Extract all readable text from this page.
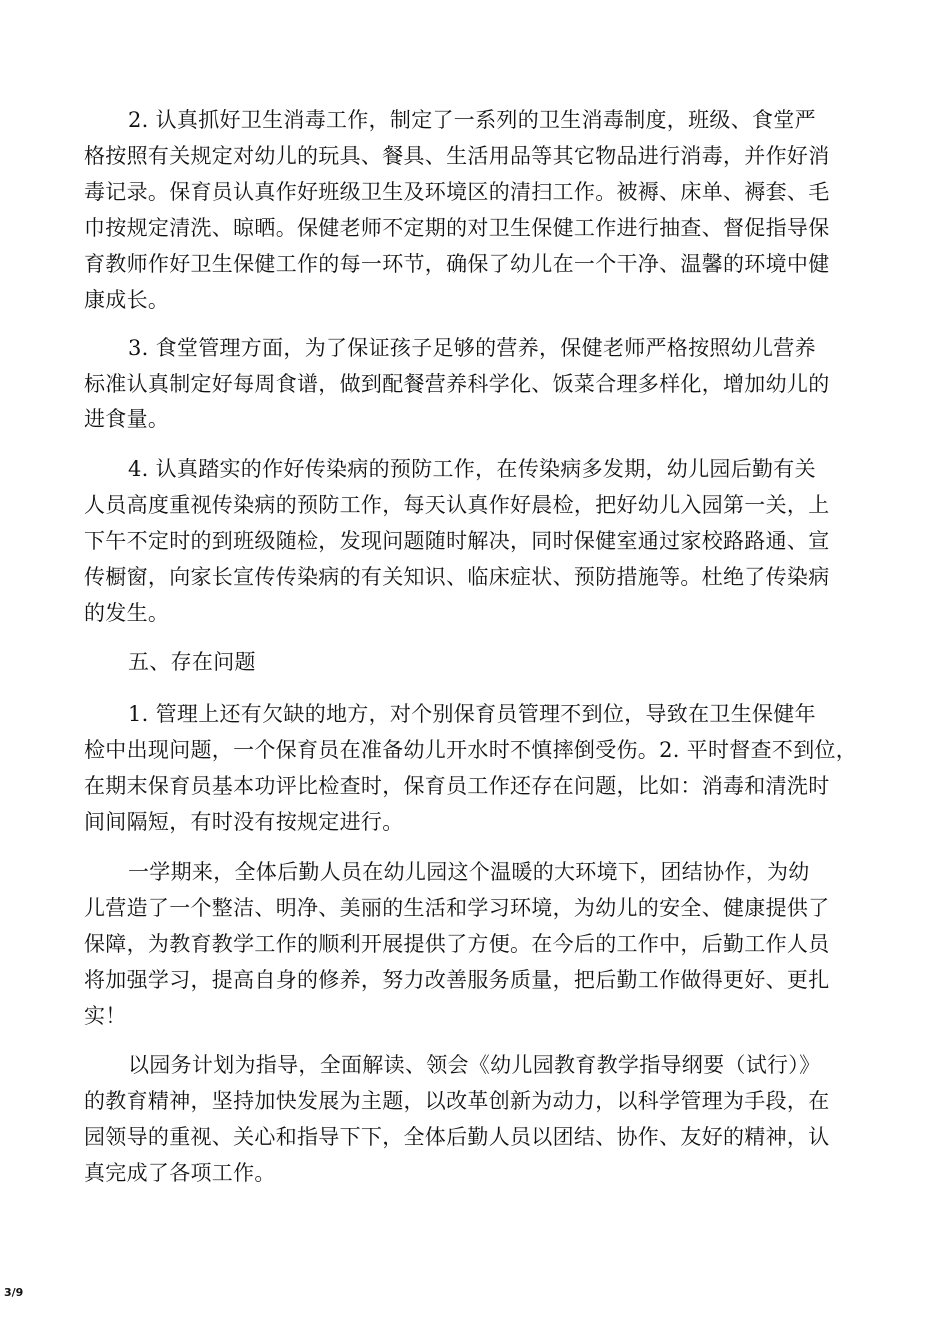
2. 认真抓好卫生消毒工作，制定了一系列的卫生消毒制度，班级、食堂严
格按照有关规定对幼儿的玩具、餐具、生活用品等其它物品进行消毒，并作好消
毒记录。保育员认真作好班级卫生及环境区的清扫工作。被褥、床单、褥套、毛
巾按规定清洗、晾晒。保健老师不定期的对卫生保健工作进行抽查、督促指导保
育教师作好卫生保健工作的每一环节，确保了幼儿在一个干净、温馨的环境中健
康成长。
3. 食堂管理方面，为了保证孩子足够的营养，保健老师严格按照幼儿营养
标准认真制定好每周食谱，做到配餐营养科学化、饭菜合理多样化，增加幼儿的
进食量。
4. 认真踏实的作好传染病的预防工作，在传染病多发期，幼儿园后勤有关
人员高度重视传染病的预防工作，每天认真作好晨检，把好幼儿入园第一关，上
下午不定时的到班级随检，发现问题随时解决，同时保健室通过家校路路通、宣
传橱窗，向家长宣传传染病的有关知识、临床症状、预防措施等。杜绝了传染病
的发生。
五、存在问题
1. 管理上还有欠缺的地方，对个别保育员管理不到位，导致在卫生保健年
检中出现问题，一个保育员在准备幼儿开水时不慎摔倒受伤。2. 平时督查不到位，
在期末保育员基本功评比检查时，保育员工作还存在问题，比如：消毒和清洗时
间间隔短，有时没有按规定进行。
一学期来，全体后勤人员在幼儿园这个温暖的大环境下，团结协作，为幼
儿营造了一个整洁、明净、美丽的生活和学习环境，为幼儿的安全、健康提供了
保障，为教育教学工作的顺利开展提供了方便。在今后的工作中，后勤工作人员
将加强学习，提高自身的修养，努力改善服务质量，把后勤工作做得更好、更扎
实！
以园务计划为指导，全面解读、领会《幼儿园教育教学指导纲要（试行）》
的教育精神，坚持加快发展为主题，以改革创新为动力，以科学管理为手段，在
园领导的重视、关心和指导下下，全体后勤人员以团结、协作、友好的精神，认
真完成了各项工作。
3/9
